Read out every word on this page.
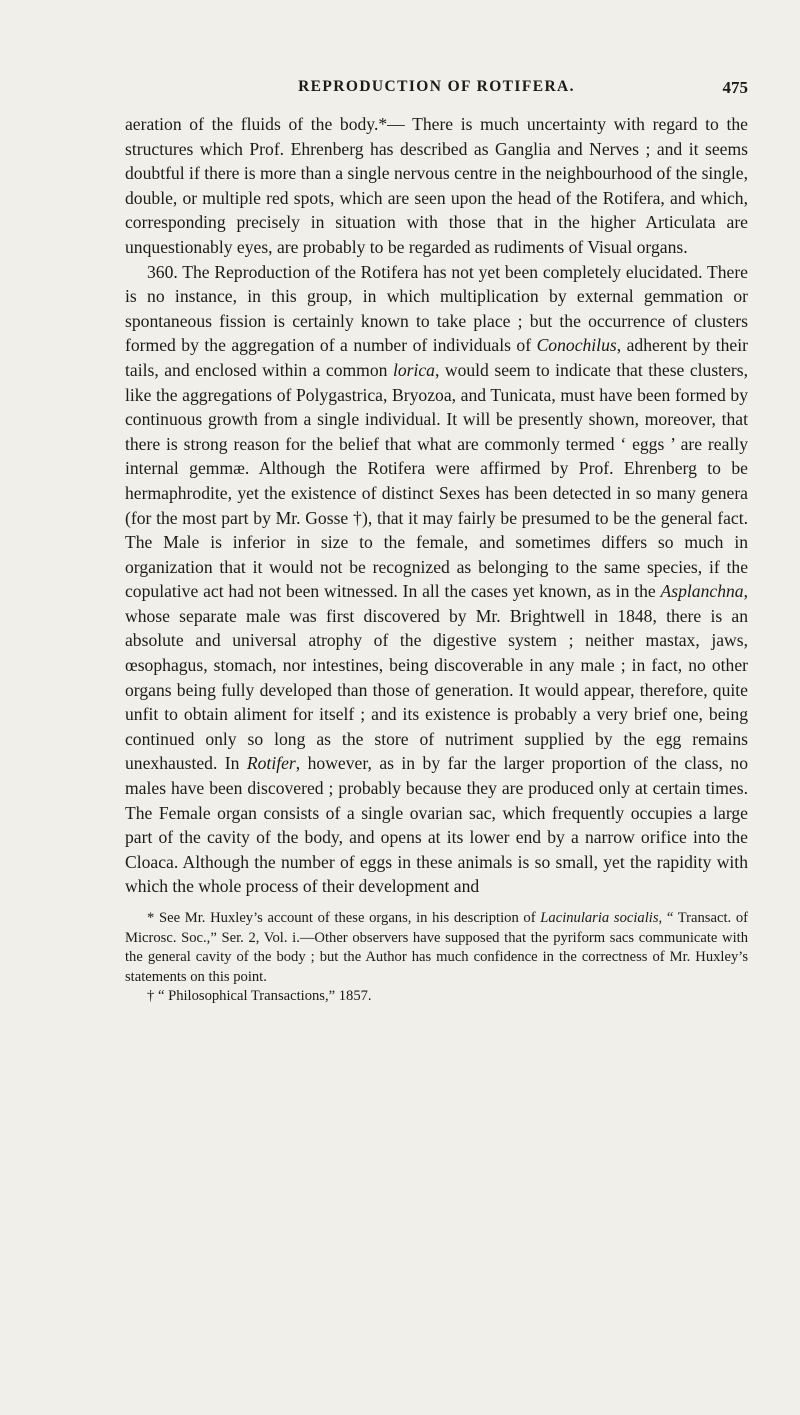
REPRODUCTION OF ROTIFERA.	475

aeration of the fluids of the body.*— There is much uncertainty with regard to the structures which Prof. Ehrenberg has described as Ganglia and Nerves ; and it seems doubtful if there is more than a single nervous centre in the neighbourhood of the single, double, or multiple red spots, which are seen upon the head of the Rotifera, and which, corresponding precisely in situation with those that in the higher Articulata are unquestionably eyes, are probably to be regarded as rudiments of Visual organs.

360. The Reproduction of the Rotifera has not yet been completely elucidated. There is no instance, in this group, in which multiplication by external gemmation or spontaneous fission is certainly known to take place ; but the occurrence of clusters formed by the aggregation of a number of individuals of Conochilus, adherent by their tails, and enclosed within a common lorica, would seem to indicate that these clusters, like the aggregations of Polygastrica, Bryozoa, and Tunicata, must have been formed by continuous growth from a single individual. It will be presently shown, moreover, that there is strong reason for the belief that what are commonly termed ‘ eggs ’ are really internal gemmæ. Although the Rotifera were affirmed by Prof. Ehrenberg to be hermaphrodite, yet the existence of distinct Sexes has been detected in so many genera (for the most part by Mr. Gosse †), that it may fairly be presumed to be the general fact. The Male is inferior in size to the female, and sometimes differs so much in organization that it would not be recognized as belonging to the same species, if the copulative act had not been witnessed. In all the cases yet known, as in the Asplanchna, whose separate male was first discovered by Mr. Brightwell in 1848, there is an absolute and universal atrophy of the digestive system ; neither mastax, jaws, œsophagus, stomach, nor intestines, being discoverable in any male ; in fact, no other organs being fully developed than those of generation. It would appear, therefore, quite unfit to obtain aliment for itself ; and its existence is probably a very brief one, being continued only so long as the store of nutriment supplied by the egg remains unexhausted. In Rotifer, however, as in by far the larger proportion of the class, no males have been discovered ; probably because they are produced only at certain times. The Female organ consists of a single ovarian sac, which frequently occupies a large part of the cavity of the body, and opens at its lower end by a narrow orifice into the Cloaca. Although the number of eggs in these animals is so small, yet the rapidity with which the whole process of their development and

* See Mr. Huxley’s account of these organs, in his description of Lacinularia socialis, “ Transact. of Microsc. Soc.,” Ser. 2, Vol. i.—Other observers have supposed that the pyriform sacs communicate with the general cavity of the body ; but the Author has much confidence in the correctness of Mr. Huxley’s statements on this point.

† “ Philosophical Transactions,” 1857.
